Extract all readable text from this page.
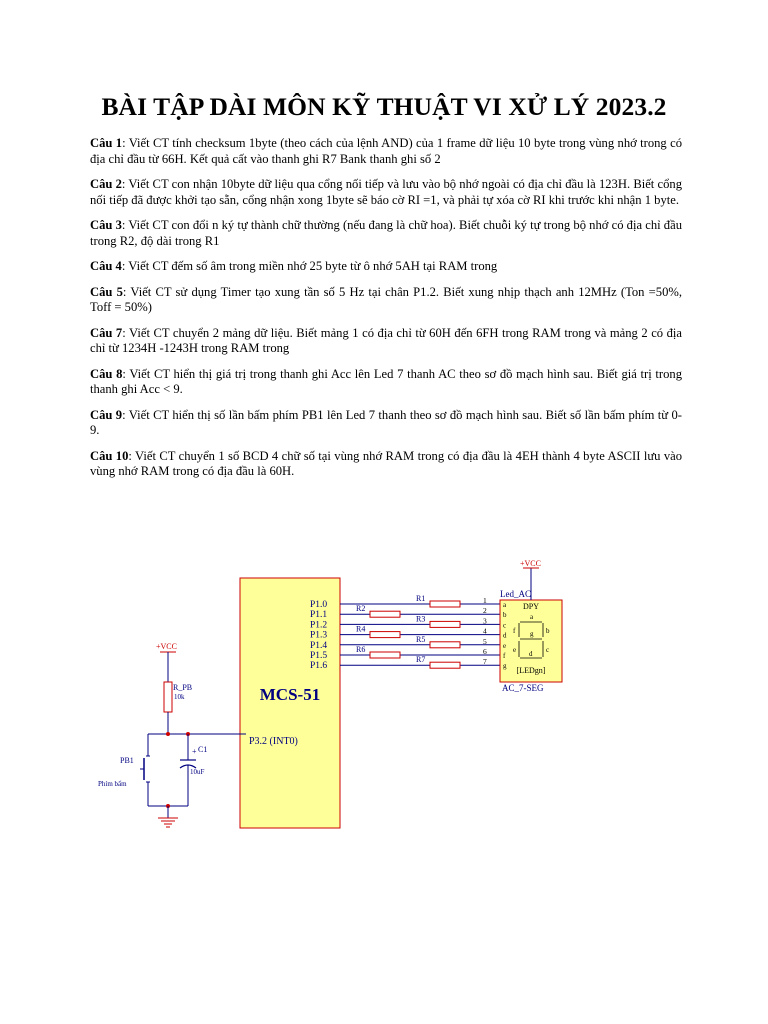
BÀI TẬP DÀI MÔN KỸ THUẬT VI XỬ LÝ 2023.2

Câu 1: Viết CT tính checksum 1byte (theo cách của lệnh AND) của 1 frame dữ liệu 10 byte trong vùng nhớ trong có địa chỉ đầu từ 66H. Kết quả cất vào thanh ghi R7 Bank thanh ghi số 2

Câu 2: Viết CT con nhận 10byte dữ liệu qua cổng nối tiếp và lưu vào bộ nhớ ngoài có địa chỉ đầu là 123H. Biết cổng nối tiếp đã được khởi tạo sẵn, cổng nhận xong 1byte sẽ báo cờ RI =1, và phải tự xóa cờ RI khi trước khi nhận 1 byte.

Câu 3: Viết CT con đổi n ký tự thành chữ thường (nếu đang là chữ hoa). Biết chuỗi ký tự trong bộ nhớ có địa chỉ đầu trong R2, độ dài trong R1

Câu 4: Viết CT đếm số âm trong miền nhớ 25 byte từ ô nhớ 5AH tại RAM trong

Câu 5: Viết CT sử dụng Timer tạo xung tần số 5 Hz tại chân P1.2. Biết xung nhịp thạch anh 12MHz (Ton =50%, Toff = 50%)

Câu 7: Viết CT chuyển 2 mảng dữ liệu. Biết mảng 1 có địa chỉ từ 60H đến 6FH trong RAM trong và mảng 2 có địa chỉ từ 1234H -1243H trong RAM trong

Câu 8: Viết CT hiển thị giá trị trong thanh ghi Acc lên Led 7 thanh AC theo sơ đồ mạch hình sau. Biết giá trị trong thanh ghi Acc < 9.

Câu 9: Viết CT hiển thị số lần bấm phím PB1 lên Led 7 thanh theo sơ đồ mạch hình sau. Biết số lần bấm phím từ 0-9.

Câu 10: Viết CT chuyển 1 số BCD 4 chữ số tại vùng nhớ RAM trong có địa đầu là 4EH thành 4 byte ASCII lưu vào vùng nhớ RAM trong có địa đầu là 60H.

MCS-51
P3.2 (INT0)
P1.0
P1.1
P1.2
P1.3
P1.4
P1.5
P1.6
R1
R2
R3
R4
R5
R6
R7
Led_AC
DPY
AC_7-SEG
[LEDgn]
a
b
c
d
e
f g
1 a
2 b
3 c
4 d
5 e
6 f
7 g
+VCC
+VCC
R_PB
10k
PB1
Phím bấm
+ C1
10uF
